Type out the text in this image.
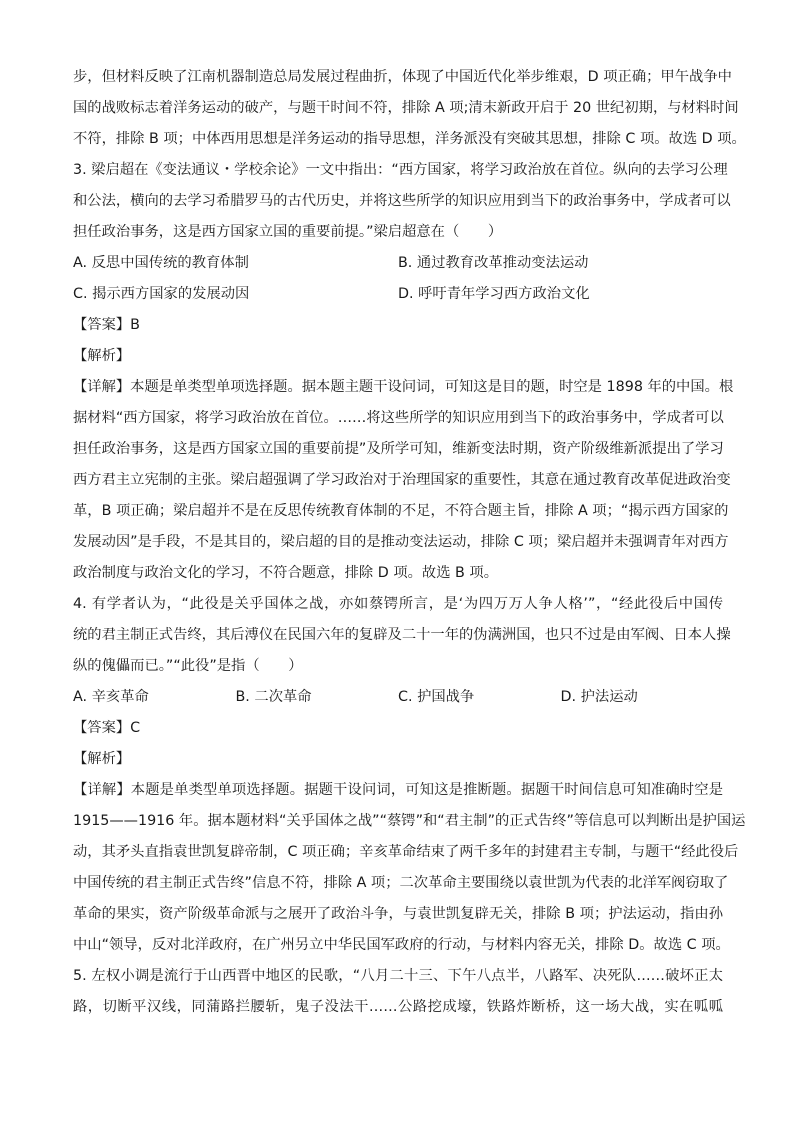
步，但材料反映了江南机器制造总局发展过程曲折，体现了中国近代化举步维艰，D 项正确；甲午战争中
国的战败标志着洋务运动的破产，与题干时间不符，排除 A 项;清末新政开启于 20 世纪初期，与材料时间
不符，排除 B 项；中体西用思想是洋务运动的指导思想，洋务派没有突破其思想，排除 C 项。故选 D 项。
3. 梁启超在《变法通议・学校余论》一文中指出：“西方国家，将学习政治放在首位。纵向的去学习公理
和公法，横向的去学习希腊罗马的古代历史，并将这些所学的知识应用到当下的政治事务中，学成者可以
担任政治事务，这是西方国家立国的重要前提。”梁启超意在（　　）
A. 反思中国传统的教育体制	B. 通过教育改革推动变法运动
C. 揭示西方国家的发展动因	D. 呼吁青年学习西方政治文化
【答案】B
【解析】
【详解】本题是单类型单项选择题。据本题主题干设问词，可知这是目的题，时空是 1898 年的中国。根
据材料“西方国家，将学习政治放在首位。……将这些所学的知识应用到当下的政治事务中，学成者可以
担任政治事务，这是西方国家立国的重要前提”及所学可知，维新变法时期，资产阶级维新派提出了学习
西方君主立宪制的主张。梁启超强调了学习政治对于治理国家的重要性，其意在通过教育改革促进政治变
革，B 项正确；梁启超并不是在反思传统教育体制的不足，不符合题主旨，排除 A 项；“揭示西方国家的
发展动因”是手段，不是其目的，梁启超的目的是推动变法运动，排除 C 项；梁启超并未强调青年对西方
政治制度与政治文化的学习，不符合题意，排除 D 项。故选 B 项。
4. 有学者认为，“此役是关乎国体之战，亦如蔡锷所言，是‘为四万万人争人格’”，“经此役后中国传
统的君主制正式告终，其后溥仪在民国六年的复辟及二十一年的伪满洲国，也只不过是由军阀、日本人操
纵的傀儡而已。”“此役”是指（　　）
A. 辛亥革命	B. 二次革命	C. 护国战争	D. 护法运动
【答案】C
【解析】
【详解】本题是单类型单项选择题。据题干设问词，可知这是推断题。据题干时间信息可知准确时空是
1915——1916 年。据本题材料“关乎国体之战”“蔡锷”和“君主制”的正式告终”等信息可以判断出是护国运
动，其矛头直指袁世凯复辟帝制，C 项正确；辛亥革命结束了两千多年的封建君主专制，与题干“经此役后
中国传统的君主制正式告终”信息不符，排除 A 项；二次革命主要围绕以袁世凯为代表的北洋军阀窃取了
革命的果实，资产阶级革命派与之展开了政治斗争，与袁世凯复辟无关，排除 B 项；护法运动，指由孙
中山“领导，反对北洋政府，在广州另立中华民国军政府的行动，与材料内容无关，排除 D。故选 C 项。
5. 左权小调是流行于山西晋中地区的民歌，“八月二十三、下午八点半，八路军、决死队……破坏正太
路，切断平汉线，同蒲路拦腰斩，鬼子没法干……公路挖成壕，铁路炸断桥，这一场大战，实在呱呱
